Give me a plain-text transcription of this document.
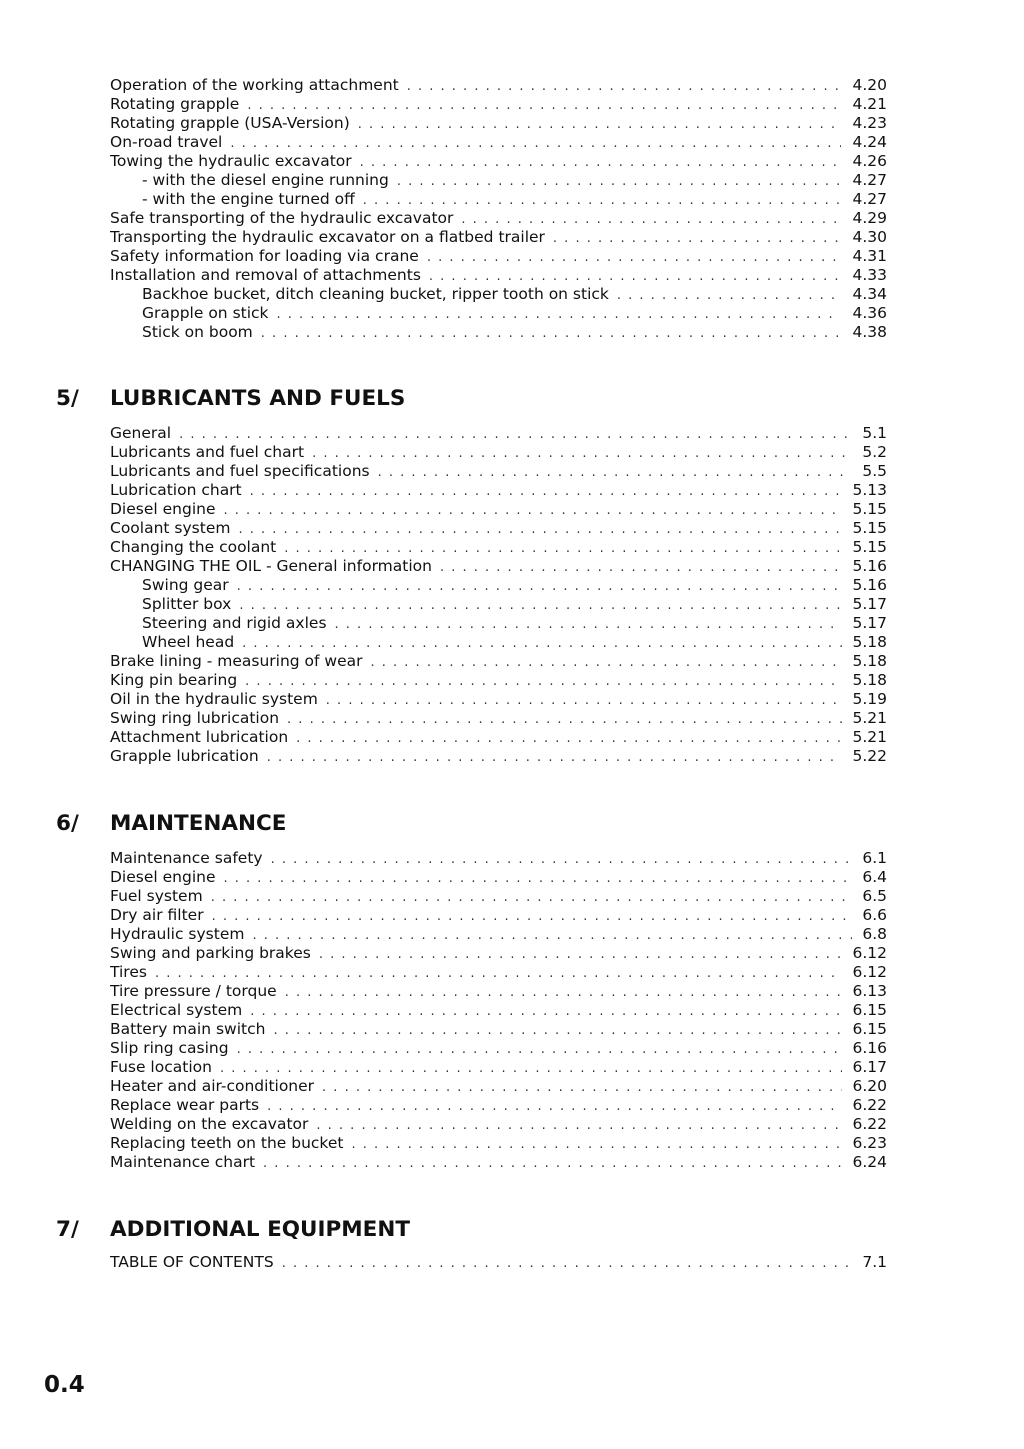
Operation of the working attachment . . .	4.20
Rotating grapple . . .	4.21
Rotating grapple (USA-Version) . . .	4.23
On-road travel . . .	4.24
Towing the hydraulic excavator . . .	4.26
- with the diesel engine running . . .	4.27
- with the engine turned off . . .	4.27
Safe transporting of the hydraulic excavator . . .	4.29
Transporting the hydraulic excavator on a flatbed trailer . . .	4.30
Safety information for loading via crane . . .	4.31
Installation and removal of attachments . . .	4.33
Backhoe bucket, ditch cleaning bucket, ripper tooth on stick . . .	4.34
Grapple on stick . . .	4.36
Stick on boom . . .	4.38
5/ LUBRICANTS AND FUELS
General . . .	5.1
Lubricants and fuel chart . . .	5.2
Lubricants and fuel specifications . . .	5.5
Lubrication chart . . .	5.13
Diesel engine . . .	5.15
Coolant system . . .	5.15
Changing the coolant . . .	5.15
CHANGING THE OIL - General information . . .	5.16
Swing gear . . .	5.16
Splitter box . . .	5.17
Steering and rigid axles . . .	5.17
Wheel head . . .	5.18
Brake lining - measuring of wear . . .	5.18
King pin bearing . . .	5.18
Oil in the hydraulic system . . .	5.19
Swing ring lubrication . . .	5.21
Attachment lubrication . . .	5.21
Grapple lubrication . . .	5.22
6/ MAINTENANCE
Maintenance safety . . .	6.1
Diesel engine . . .	6.4
Fuel system . . .	6.5
Dry air filter . . .	6.6
Hydraulic system . . .	6.8
Swing and parking brakes . . .	6.12
Tires . . .	6.12
Tire pressure / torque . . .	6.13
Electrical system . . .	6.15
Battery main switch . . .	6.15
Slip ring casing . . .	6.16
Fuse location . . .	6.17
Heater and air-conditioner . . .	6.20
Replace wear parts . . .	6.22
Welding on the excavator . . .	6.22
Replacing teeth on the bucket . . .	6.23
Maintenance chart . . .	6.24
7/ ADDITIONAL EQUIPMENT
TABLE OF CONTENTS . . .	7.1
0.4
